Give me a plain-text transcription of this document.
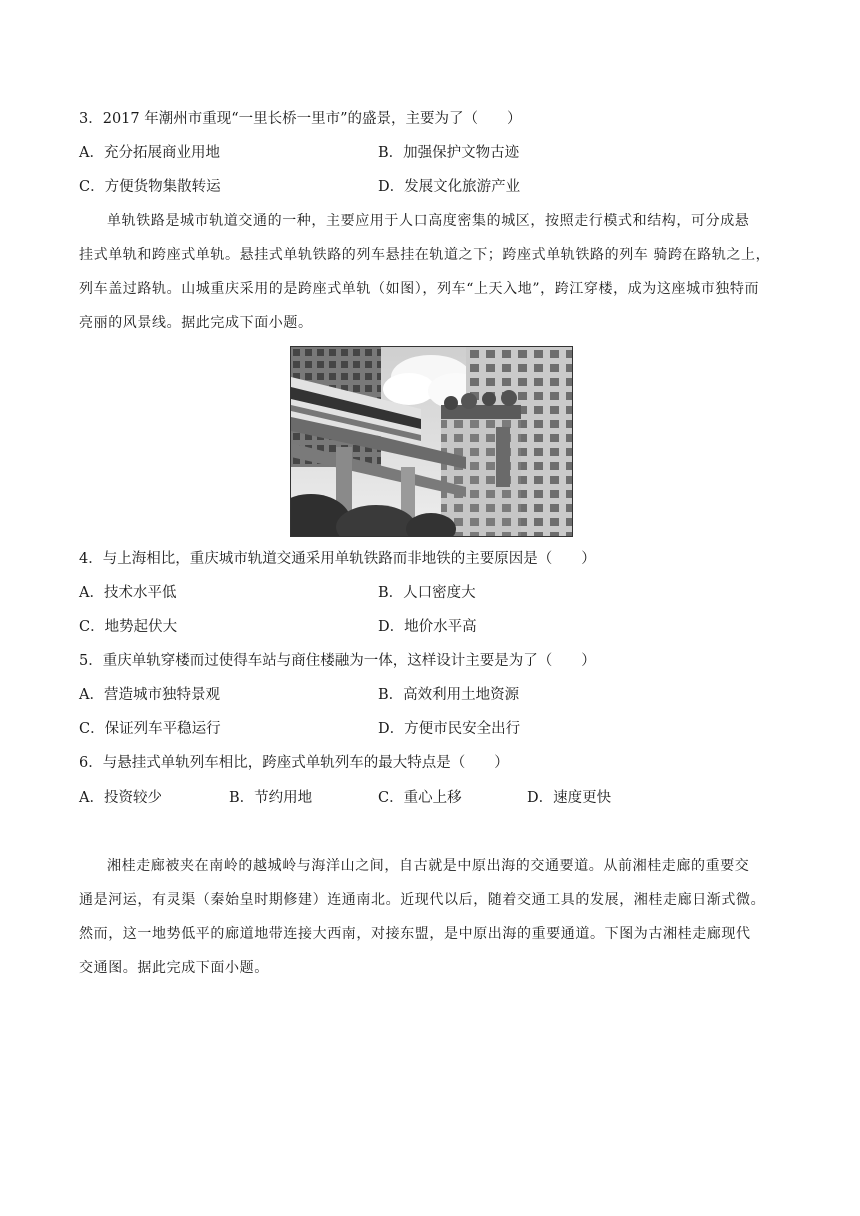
3．2017 年潮州市重现“一里长桥一里市”的盛景，主要为了（　　）
A．充分拓展商业用地	B．加强保护文物古迹
C．方便货物集散转运	D．发展文化旅游产业
单轨铁路是城市轨道交通的一种，主要应用于人口高度密集的城区，按照走行模式和结构，可分成悬
挂式单轨和跨座式单轨。悬挂式单轨铁路的列车悬挂在轨道之下；跨座式单轨铁路的列车 骑跨在路轨之上，
列车盖过路轨。山城重庆采用的是跨座式单轨（如图），列车“上天入地”，跨江穿楼，成为这座城市独特而
亮丽的风景线。据此完成下面小题。
4．与上海相比，重庆城市轨道交通采用单轨铁路而非地铁的主要原因是（　　）
A．技术水平低	B．人口密度大
C．地势起伏大	D．地价水平高
5．重庆单轨穿楼而过使得车站与商住楼融为一体，这样设计主要是为了（　　）
A．营造城市独特景观	B．高效利用土地资源
C．保证列车平稳运行	D．方便市民安全出行
6．与悬挂式单轨列车相比，跨座式单轨列车的最大特点是（　　）
A．投资较少	B．节约用地	C．重心上移	D．速度更快
湘桂走廊被夹在南岭的越城岭与海洋山之间，自古就是中原出海的交通要道。从前湘桂走廊的重要交
通是河运，有灵渠（秦始皇时期修建）连通南北。近现代以后，随着交通工具的发展，湘桂走廊日渐式微。
然而，这一地势低平的廊道地带连接大西南，对接东盟，是中原出海的重要通道。下图为古湘桂走廊现代
交通图。据此完成下面小题。
